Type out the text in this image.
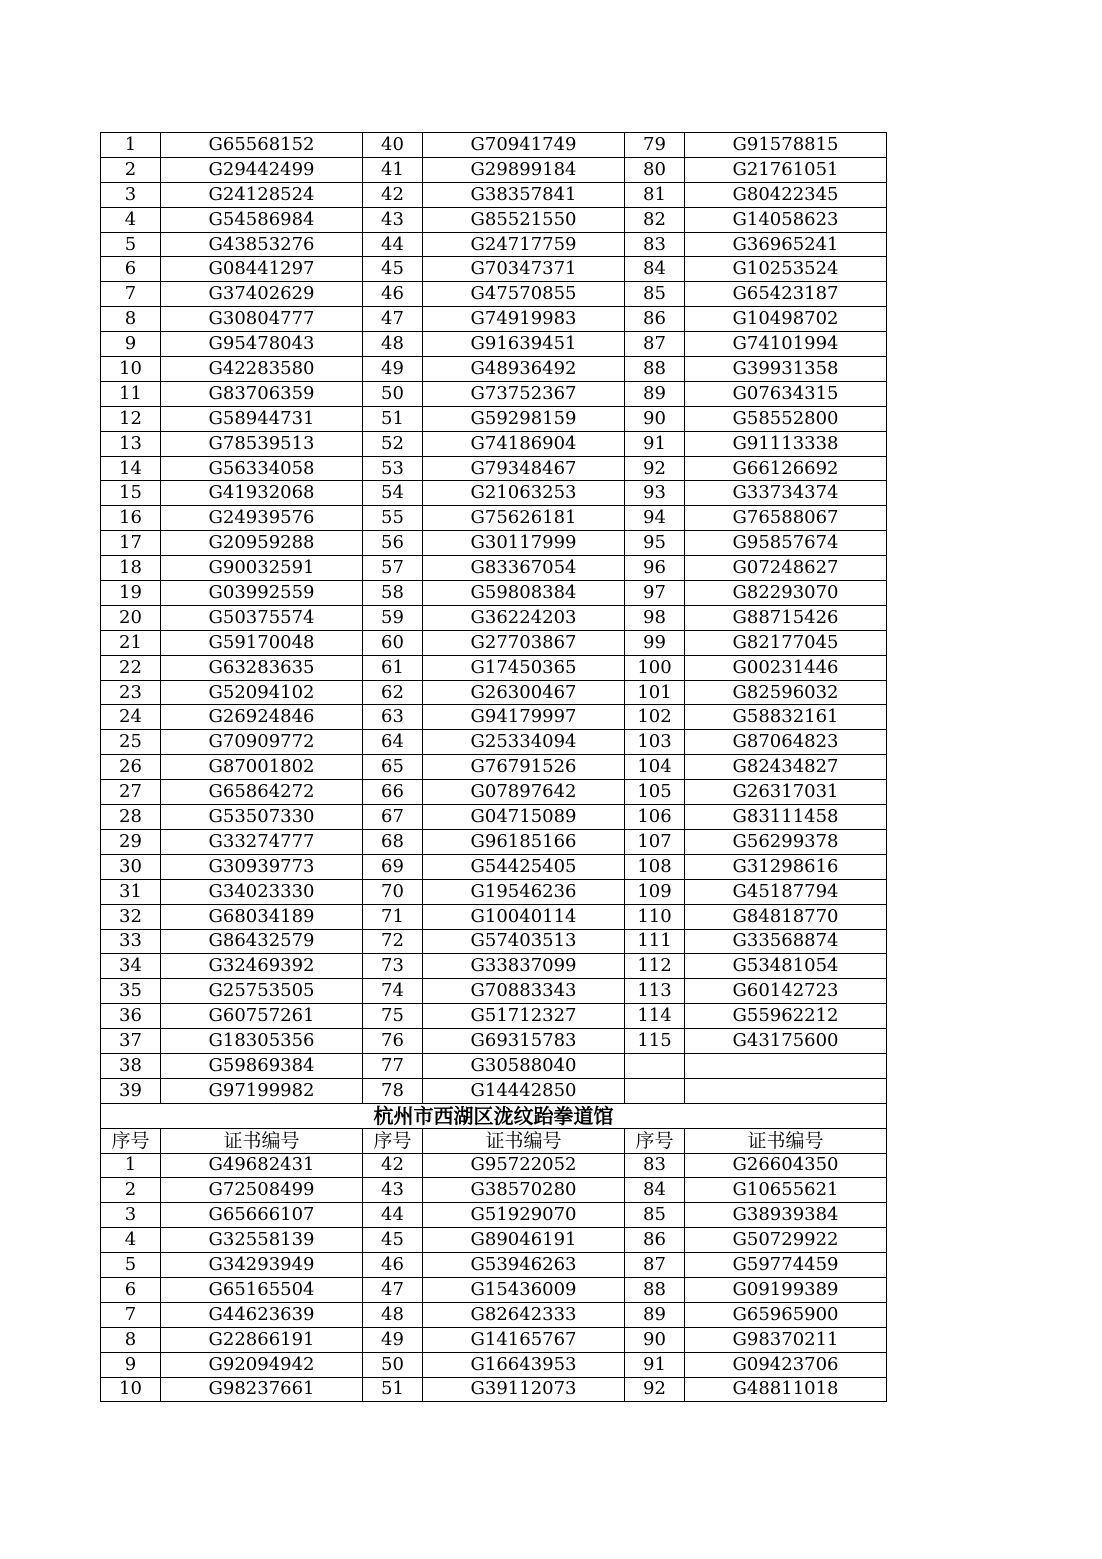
1	G65568152	40	G70941749	79	G91578815
2	G29442499	41	G29899184	80	G21761051
3	G24128524	42	G38357841	81	G80422345
4	G54586984	43	G85521550	82	G14058623
5	G43853276	44	G24717759	83	G36965241
6	G08441297	45	G70347371	84	G10253524
7	G37402629	46	G47570855	85	G65423187
8	G30804777	47	G74919983	86	G10498702
9	G95478043	48	G91639451	87	G74101994
10	G42283580	49	G48936492	88	G39931358
11	G83706359	50	G73752367	89	G07634315
12	G58944731	51	G59298159	90	G58552800
13	G78539513	52	G74186904	91	G91113338
14	G56334058	53	G79348467	92	G66126692
15	G41932068	54	G21063253	93	G33734374
16	G24939576	55	G75626181	94	G76588067
17	G20959288	56	G30117999	95	G95857674
18	G90032591	57	G83367054	96	G07248627
19	G03992559	58	G59808384	97	G82293070
20	G50375574	59	G36224203	98	G88715426
21	G59170048	60	G27703867	99	G82177045
22	G63283635	61	G17450365	100	G00231446
23	G52094102	62	G26300467	101	G82596032
24	G26924846	63	G94179997	102	G58832161
25	G70909772	64	G25334094	103	G87064823
26	G87001802	65	G76791526	104	G82434827
27	G65864272	66	G07897642	105	G26317031
28	G53507330	67	G04715089	106	G83111458
29	G33274777	68	G96185166	107	G56299378
30	G30939773	69	G54425405	108	G31298616
31	G34023330	70	G19546236	109	G45187794
32	G68034189	71	G10040114	110	G84818770
33	G86432579	72	G57403513	111	G33568874
34	G32469392	73	G33837099	112	G53481054
35	G25753505	74	G70883343	113	G60142723
36	G60757261	75	G51712327	114	G55962212
37	G18305356	76	G69315783	115	G43175600
38	G59869384	77	G30588040		
39	G97199982	78	G14442850		
杭州市西湖区泷纹跆拳道馆					
序号	证书编号	序号	证书编号	序号	证书编号
1	G49682431	42	G95722052	83	G26604350
2	G72508499	43	G38570280	84	G10655621
3	G65666107	44	G51929070	85	G38939384
4	G32558139	45	G89046191	86	G50729922
5	G34293949	46	G53946263	87	G59774459
6	G65165504	47	G15436009	88	G09199389
7	G44623639	48	G82642333	89	G65965900
8	G22866191	49	G14165767	90	G98370211
9	G92094942	50	G16643953	91	G09423706
10	G98237661	51	G39112073	92	G48811018
